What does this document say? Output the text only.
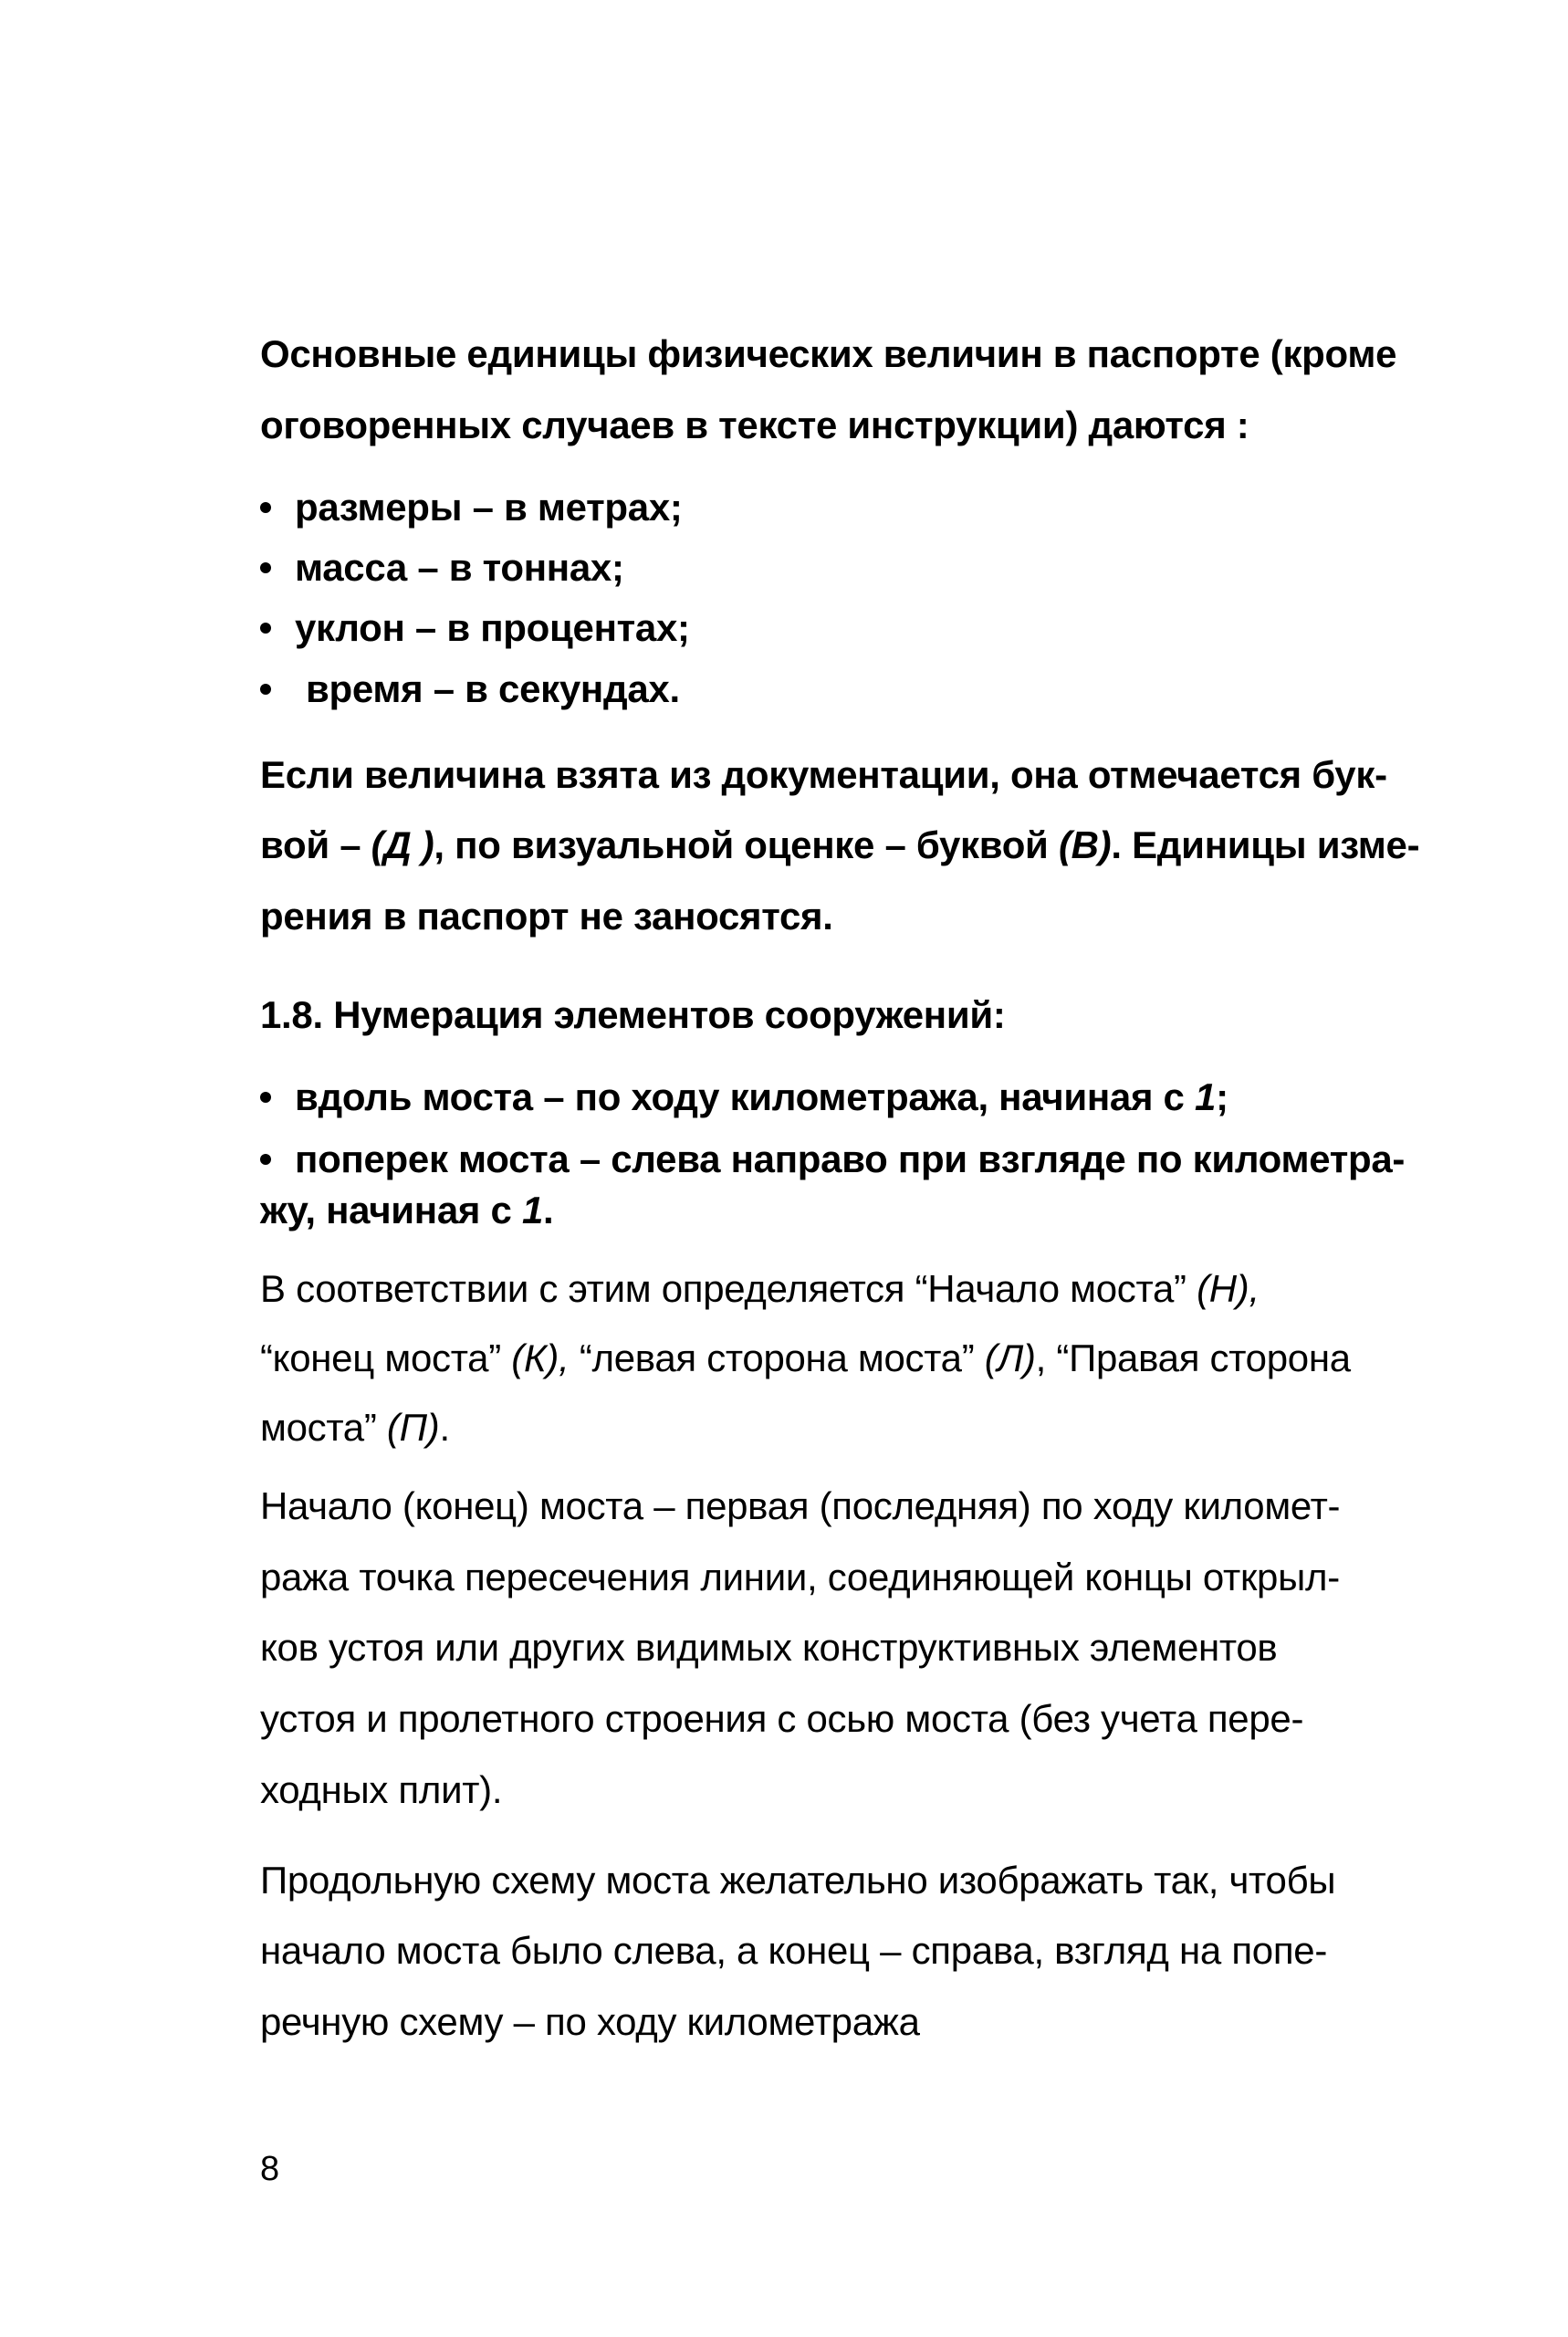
Основные единицы физических величин в паспорте (кроме
оговоренных случаев в тексте инструкции) даются :
размеры – в метрах;
масса – в тоннах;
уклон – в процентах;
время – в секундах.
Если величина взята из документации, она отмечается бук-
вой – (Д ), по визуальной оценке – буквой (В). Единицы изме-
рения в паспорт не заносятся.
1.8. Нумерация элементов сооружений:
вдоль моста – по ходу километража, начиная с 1;
поперек моста – слева направо при взгляде по километра-
жу, начиная с 1.
В соответствии с этим определяется “Начало моста” (Н),
“конец моста” (К), “левая сторона моста” (Л), “Правая сторона
моста” (П).
Начало (конец) моста – первая (последняя) по ходу километ-
ража точка пересечения линии, соединяющей концы открыл-
ков устоя или других видимых конструктивных элементов
устоя и пролетного строения с осью моста (без учета пере-
ходных плит).
Продольную схему моста желательно изображать так, чтобы
начало моста было слева, а конец – справа, взгляд на попе-
речную схему – по ходу километража
8
